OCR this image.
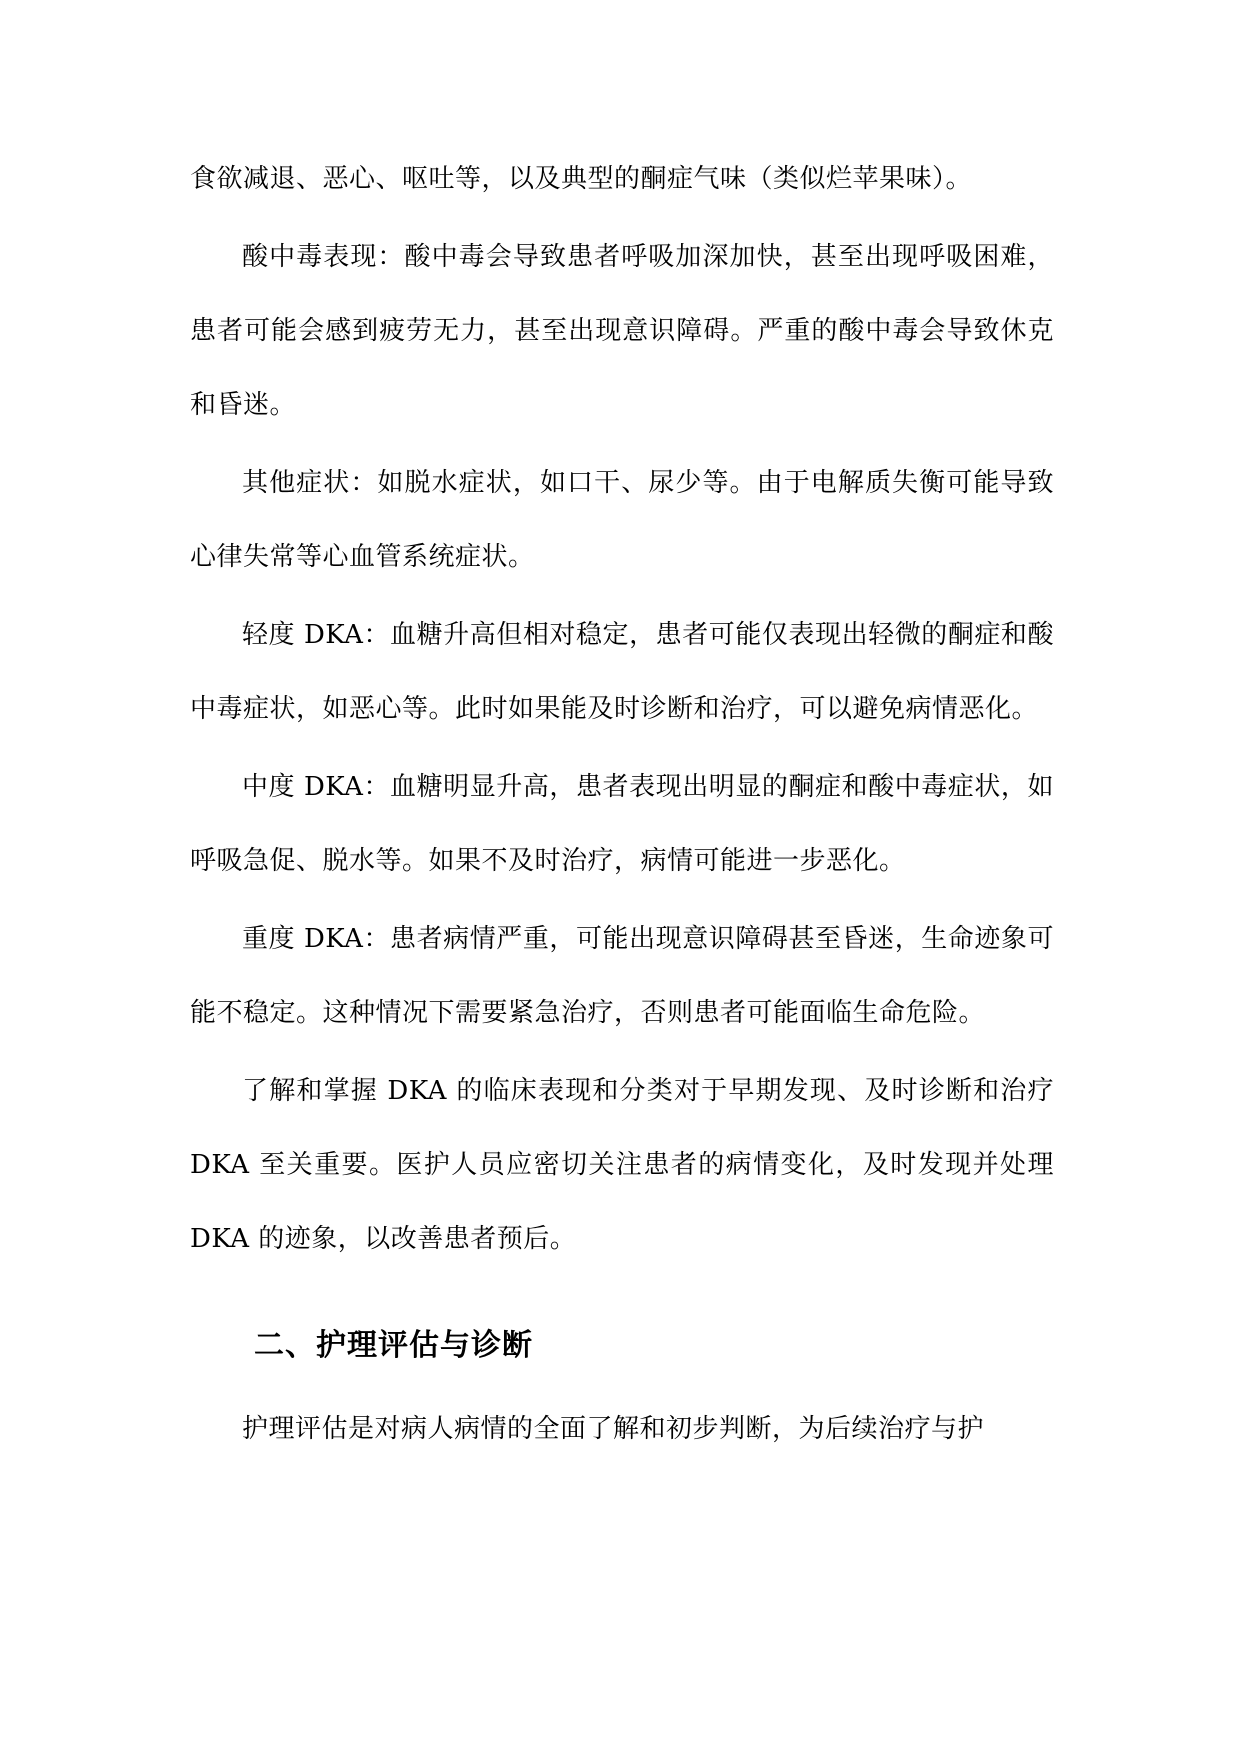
食欲减退、恶心、呕吐等，以及典型的酮症气味（类似烂苹果味）。

酸中毒表现：酸中毒会导致患者呼吸加深加快，甚至出现呼吸困难，患者可能会感到疲劳无力，甚至出现意识障碍。严重的酸中毒会导致休克和昏迷。

其他症状：如脱水症状，如口干、尿少等。由于电解质失衡可能导致心律失常等心血管系统症状。

轻度 DKA：血糖升高但相对稳定，患者可能仅表现出轻微的酮症和酸中毒症状，如恶心等。此时如果能及时诊断和治疗，可以避免病情恶化。

中度 DKA：血糖明显升高，患者表现出明显的酮症和酸中毒症状，如呼吸急促、脱水等。如果不及时治疗，病情可能进一步恶化。

重度 DKA：患者病情严重，可能出现意识障碍甚至昏迷，生命迹象可能不稳定。这种情况下需要紧急治疗，否则患者可能面临生命危险。

了解和掌握 DKA 的临床表现和分类对于早期发现、及时诊断和治疗 DKA 至关重要。医护人员应密切关注患者的病情变化，及时发现并处理 DKA 的迹象，以改善患者预后。

二、护理评估与诊断

护理评估是对病人病情的全面了解和初步判断，为后续治疗与护
